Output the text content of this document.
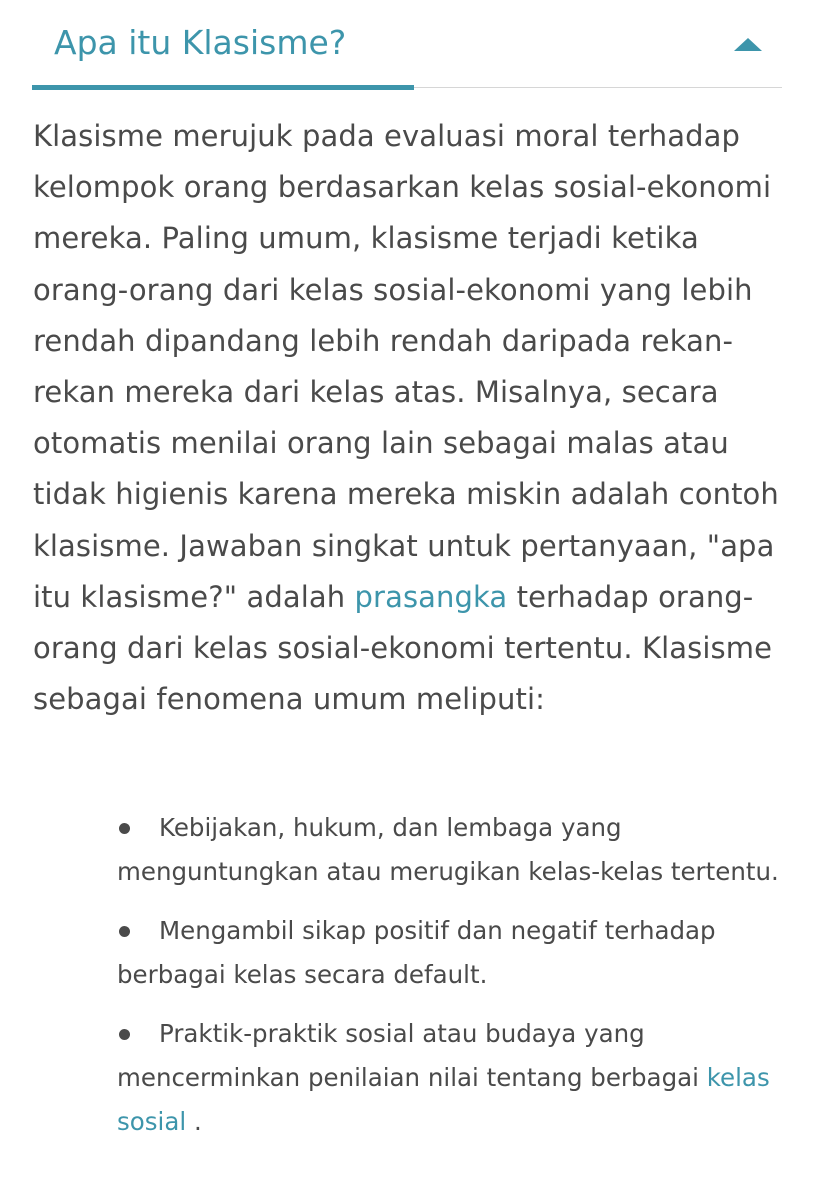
Apa itu Klasisme?

Klasisme merujuk pada evaluasi moral terhadap kelompok orang berdasarkan kelas sosial-ekonomi mereka. Paling umum, klasisme terjadi ketika orang-orang dari kelas sosial-ekonomi yang lebih rendah dipandang lebih rendah daripada rekan-rekan mereka dari kelas atas. Misalnya, secara otomatis menilai orang lain sebagai malas atau tidak higienis karena mereka miskin adalah contoh klasisme. Jawaban singkat untuk pertanyaan, "apa itu klasisme?" adalah prasangka terhadap orang-orang dari kelas sosial-ekonomi tertentu. Klasisme sebagai fenomena umum meliputi:

Kebijakan, hukum, dan lembaga yang menguntungkan atau merugikan kelas-kelas tertentu.
Mengambil sikap positif dan negatif terhadap berbagai kelas secara default.
Praktik-praktik sosial atau budaya yang mencerminkan penilaian nilai tentang berbagai kelas sosial .
